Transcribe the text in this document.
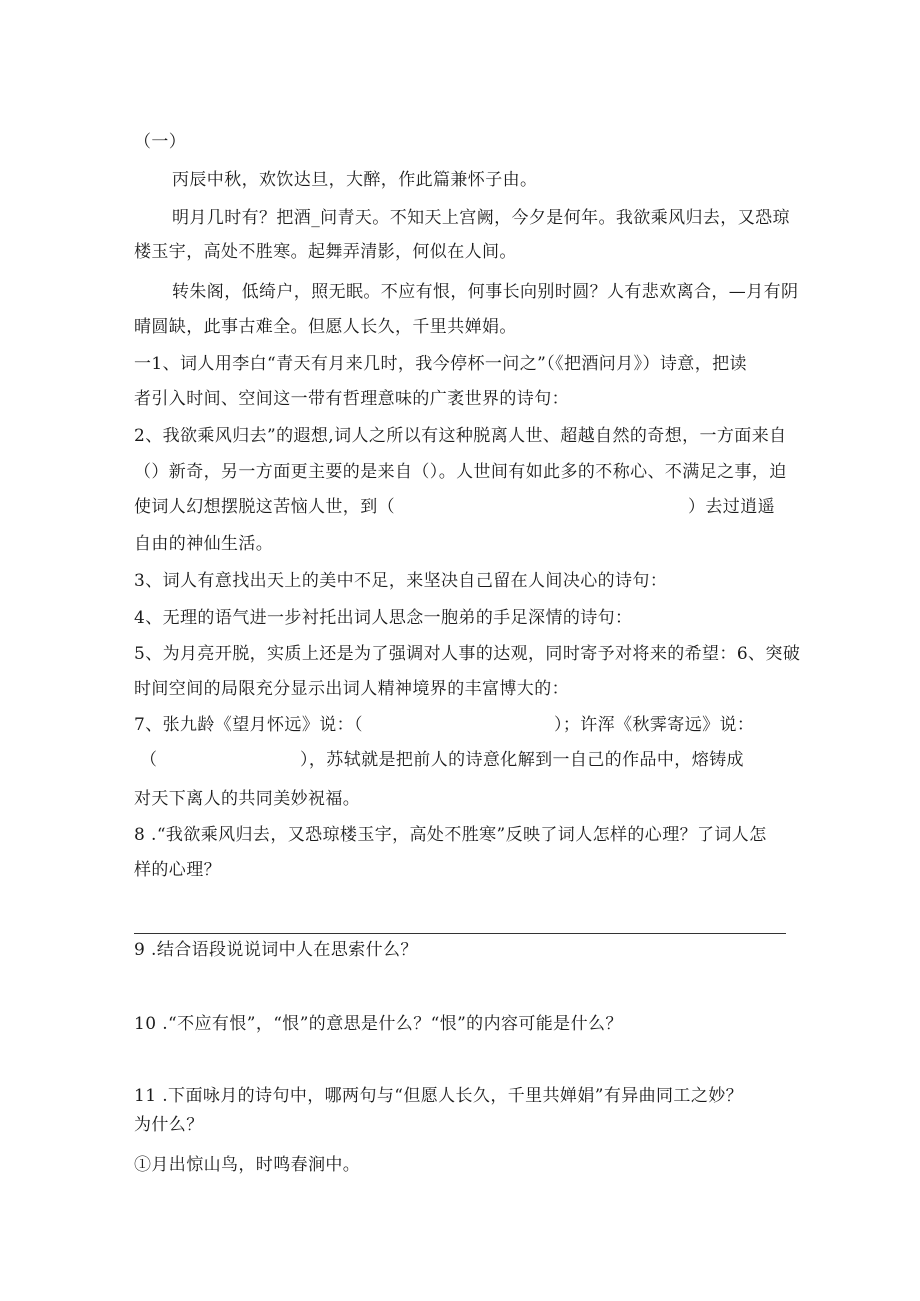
（一）
丙辰中秋，欢饮达旦，大醉，作此篇兼怀子由。
明月几时有？把酒_问青天。不知天上宫阙，今夕是何年。我欲乘风归去，又恐琼
楼玉宇，高处不胜寒。起舞弄清影，何似在人间。
转朱阁，低绮户，照无眠。不应有恨，何事长向别时圆？人有悲欢离合，—月有阴
晴圆缺，此事古难全。但愿人长久，千里共婵娟。
一1、词人用李白“青天有月来几时，我今停杯一问之”（《把酒问月》）诗意，把读
者引入时间、空间这一带有哲理意味的广袤世界的诗句：
2、我欲乘风归去”的遐想,词人之所以有这种脱离人世、超越自然的奇想，一方面来自
（）新奇，另一方面更主要的是来自（）。人世间有如此多的不称心、不满足之事，迫
使词人幻想摆脱这苦恼人世，到（	）去过逍遥
自由的神仙生活。
3、词人有意找出天上的美中不足，来坚决自己留在人间决心的诗句：
4、无理的语气进一步衬托出词人思念一胞弟的手足深情的诗句：
5、为月亮开脱，实质上还是为了强调对人事的达观，同时寄予对将来的希望：6、突破
时间空间的局限充分显示出词人精神境界的丰富博大的：
7、张九龄《望月怀远》说：（	）；许浑《秋霁寄远》说：
（	），苏轼就是把前人的诗意化解到一自己的作品中，熔铸成
对天下离人的共同美妙祝福。
8 .“我欲乘风归去，又恐琼楼玉宇，高处不胜寒”反映了词人怎样的心理？了词人怎
样的心理？
9 .结合语段说说词中人在思索什么？
10 .“不应有恨”，“恨”的意思是什么？“恨”的内容可能是什么？
11 .下面咏月的诗句中，哪两句与“但愿人长久，千里共婵娟”有异曲同工之妙？
为什么？
①月出惊山鸟，时鸣春涧中。
